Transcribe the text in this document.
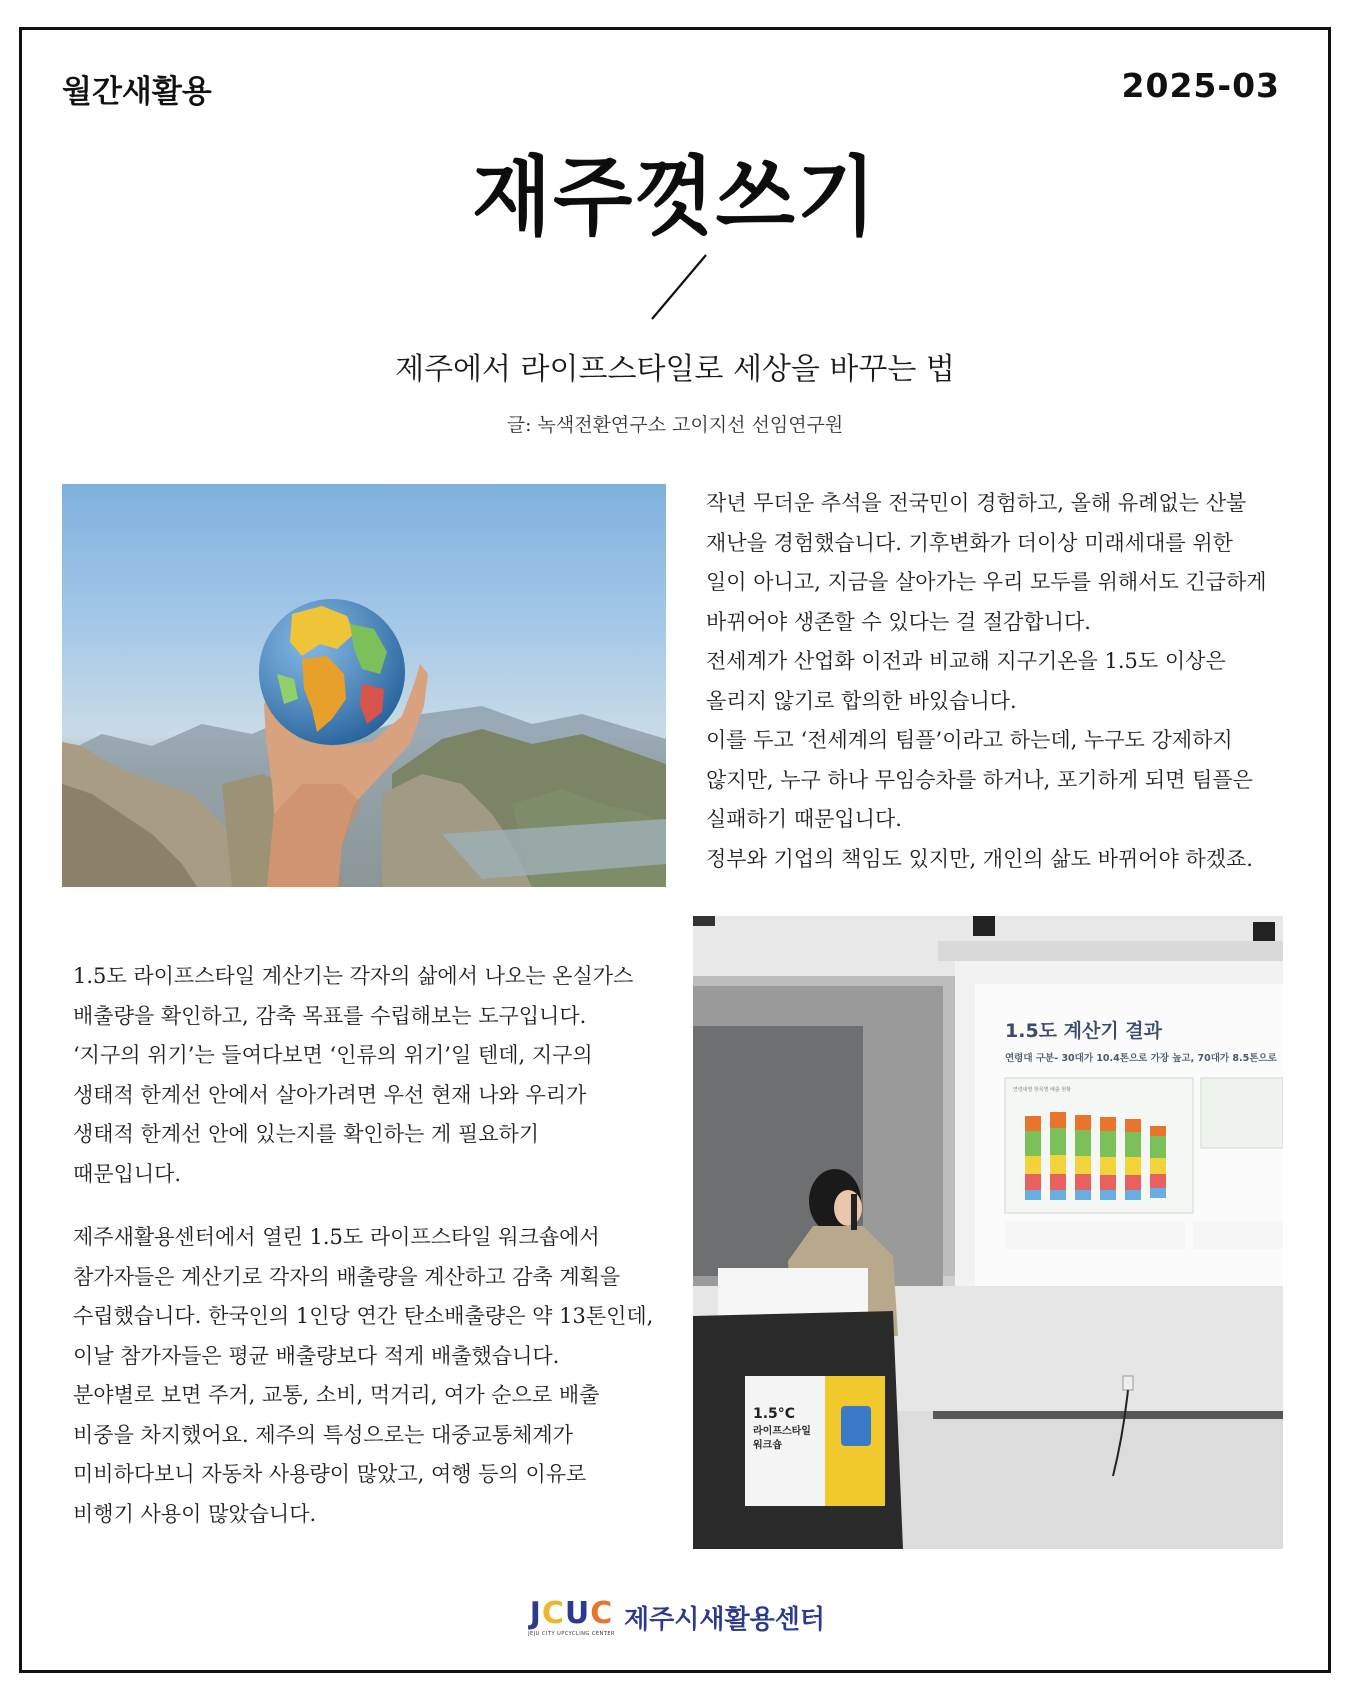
월간새활용	2025-03
재주껏쓰기
제주에서 라이프스타일로 세상을 바꾸는 법
글: 녹색전환연구소 고이지선 선임연구원

작년 무더운 추석을 전국민이 경험하고, 올해 유례없는 산불

재난을 경험했습니다. 기후변화가 더이상 미래세대를 위한

일이 아니고, 지금을 살아가는 우리 모두를 위해서도 긴급하게

바뀌어야 생존할 수 있다는 걸 절감합니다.

전세계가 산업화 이전과 비교해 지구기온을 1.5도 이상은

올리지 않기로 합의한 바있습니다.

이를 두고 ‘전세계의 팀플’이라고 하는데, 누구도 강제하지

않지만, 누구 하나 무임승차를 하거나, 포기하게 되면 팀플은

실패하기 때문입니다.

정부와 기업의 책임도 있지만, 개인의 삶도 바뀌어야 하겠죠.

1.5도 라이프스타일 계산기는 각자의 삶에서 나오는 온실가스

배출량을 확인하고, 감축 목표를 수립해보는 도구입니다.

‘지구의 위기’는 들여다보면 ‘인류의 위기’일 텐데, 지구의

생태적 한계선 안에서 살아가려면 우선 현재 나와 우리가

생태적 한계선 안에 있는지를 확인하는 게 필요하기

때문입니다.

제주새활용센터에서 열린 1.5도 라이프스타일 워크숍에서

참가자들은 계산기로 각자의 배출량을 계산하고 감축 계획을

수립했습니다. 한국인의 1인당 연간 탄소배출량은 약 13톤인데,

이날 참가자들은 평균 배출량보다 적게 배출했습니다.

분야별로 보면 주거, 교통, 소비, 먹거리, 여가 순으로 배출

비중을 차지했어요. 제주의 특성으로는 대중교통체계가

미비하다보니 자동차 사용량이 많았고, 여행 등의 이유로

비행기 사용이 많았습니다.

1.5도 계산기 결과
연령대 구분- 30대가 10.4톤으로 가장 높고, 70대가 8.5톤으로
연령대별 항목별 배출 현황
1.5°C
라이프스타일
워크숍
JCUC
JEJU CITY UPCYCLING CENTER 제주시새활용센터
